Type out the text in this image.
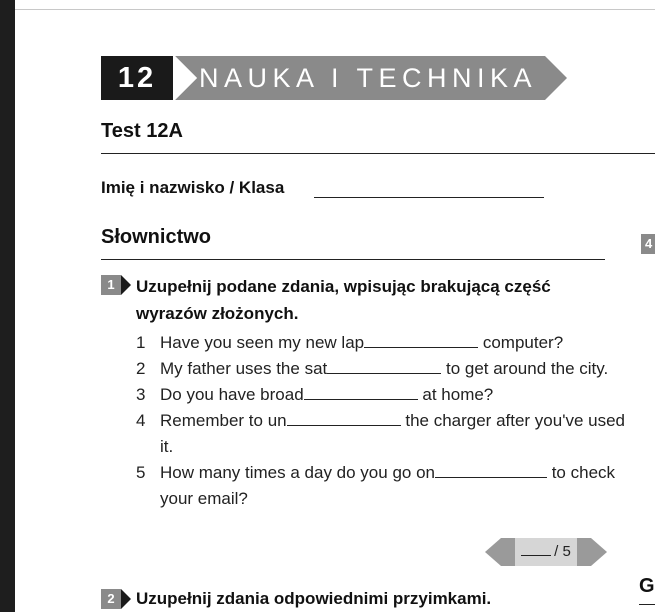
12	NAUKA I TECHNIKA
Test 12A
Imię i nazwisko / Klasa
Słownictwo	4
1	Uzupełnij podane zdania, wpisując brakującą część wyrazów złożonych.
1 Have you seen my new lap	computer?
2 My father uses the sat	to get around the city.
3 Do you have broad	at home?
4 Remember to un	the charger after you've used it.
5 How many times a day do you go on	to check your email?
/ 5
2	Uzupełnij zdania odpowiednimi przyimkami.
G
